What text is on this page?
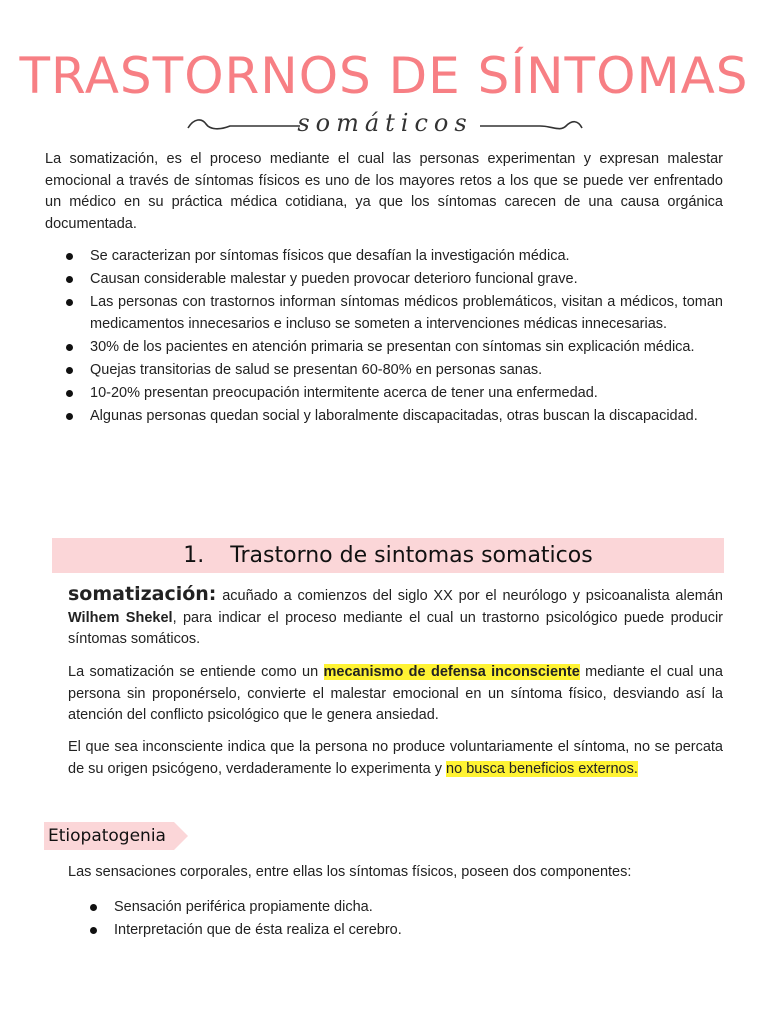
TRASTORNOS DE SÍNTOMAS
somáticos

La somatización, es el proceso mediante el cual las personas experimentan y expresan malestar emocional a través de síntomas físicos es uno de los mayores retos a los que se puede ver enfrentado un médico en su práctica médica cotidiana, ya que los síntomas carecen de una causa orgánica documentada.

Se caracterizan por síntomas físicos que desafían la investigación médica.
Causan considerable malestar y pueden provocar deterioro funcional grave.
Las personas con trastornos informan síntomas médicos problemáticos, visitan a médicos, toman medicamentos innecesarios e incluso se someten a intervenciones médicas innecesarias.
30% de los pacientes en atención primaria se presentan con síntomas sin explicación médica.
Quejas transitorias de salud se presentan 60-80% en personas sanas.
10-20% presentan preocupación intermitente acerca de tener una enfermedad.
Algunas personas quedan social y laboralmente discapacitadas, otras buscan la discapacidad.
1. Trastorno de sintomas somaticos

somatización: acuñado a comienzos del siglo XX por el neurólogo y psicoanalista alemán Wilhem Shekel, para indicar el proceso mediante el cual un trastorno psicológico puede producir síntomas somáticos.

La somatización se entiende como un mecanismo de defensa inconsciente mediante el cual una persona sin proponérselo, convierte el malestar emocional en un síntoma físico, desviando así la atención del conflicto psicológico que le genera ansiedad.

El que sea inconsciente indica que la persona no produce voluntariamente el síntoma, no se percata de su origen psicógeno, verdaderamente lo experimenta y no busca beneficios externos.

Etiopatogenia

Las sensaciones corporales, entre ellas los síntomas físicos, poseen dos componentes:

Sensación periférica propiamente dicha.
Interpretación que de ésta realiza el cerebro.
